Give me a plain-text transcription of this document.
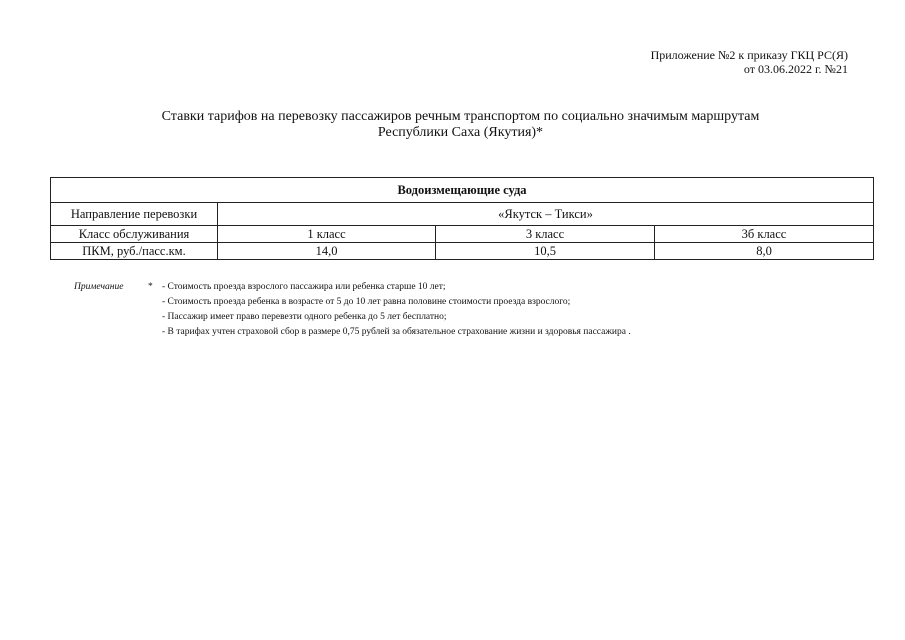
Приложение №2 к приказу ГКЦ РС(Я)
от 03.06.2022 г. №21
Ставки тарифов на перевозку пассажиров речным транспортом по социально значимым маршрутам
Республики Саха (Якутия)*
Водоизмещающие суда			
Направление перевозки	«Якутск – Тикси»		
Класс обслуживания	1 класс	3 класс	3б класс
ПКМ, руб./пасс.км.	14,0	10,5	8,0
Примечание	* - Стоимость проезда взрослого пассажира или ребенка старше 10 лет;
- Стоимость проезда ребенка в возрасте от 5 до 10 лет равна половине стоимости проезда взрослого;
- Пассажир имеет право перевезти одного ребенка до 5 лет бесплатно;
- В тарифах учтен страховой сбор в размере 0,75 рублей за обязательное страхование жизни и здоровья пассажира .
